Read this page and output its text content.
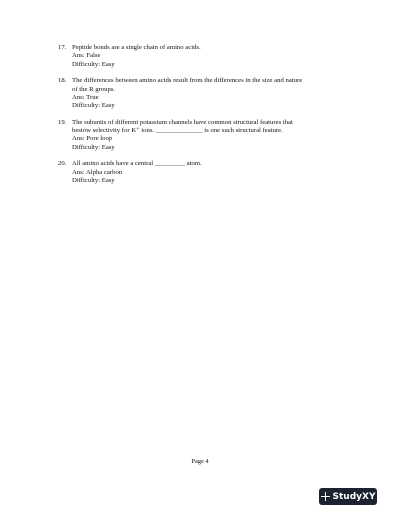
17. Peptide bonds are a single chain of amino acids.
Ans: False
Difficulty: Easy
18. The differences between amino acids result from the differences in the size and nature
of the R groups.
Ans: True
Difficulty: Easy
19. The subunits of different potassium channels have common structural features that
bestow selectivity for K⁺ ions. ______________ is one such structural feature.
Ans: Pore loop
Difficulty: Easy
20. All amino acids have a central _________ atom.
Ans: Alpha carbon
Difficulty: Easy
Page 4
StudyXY
